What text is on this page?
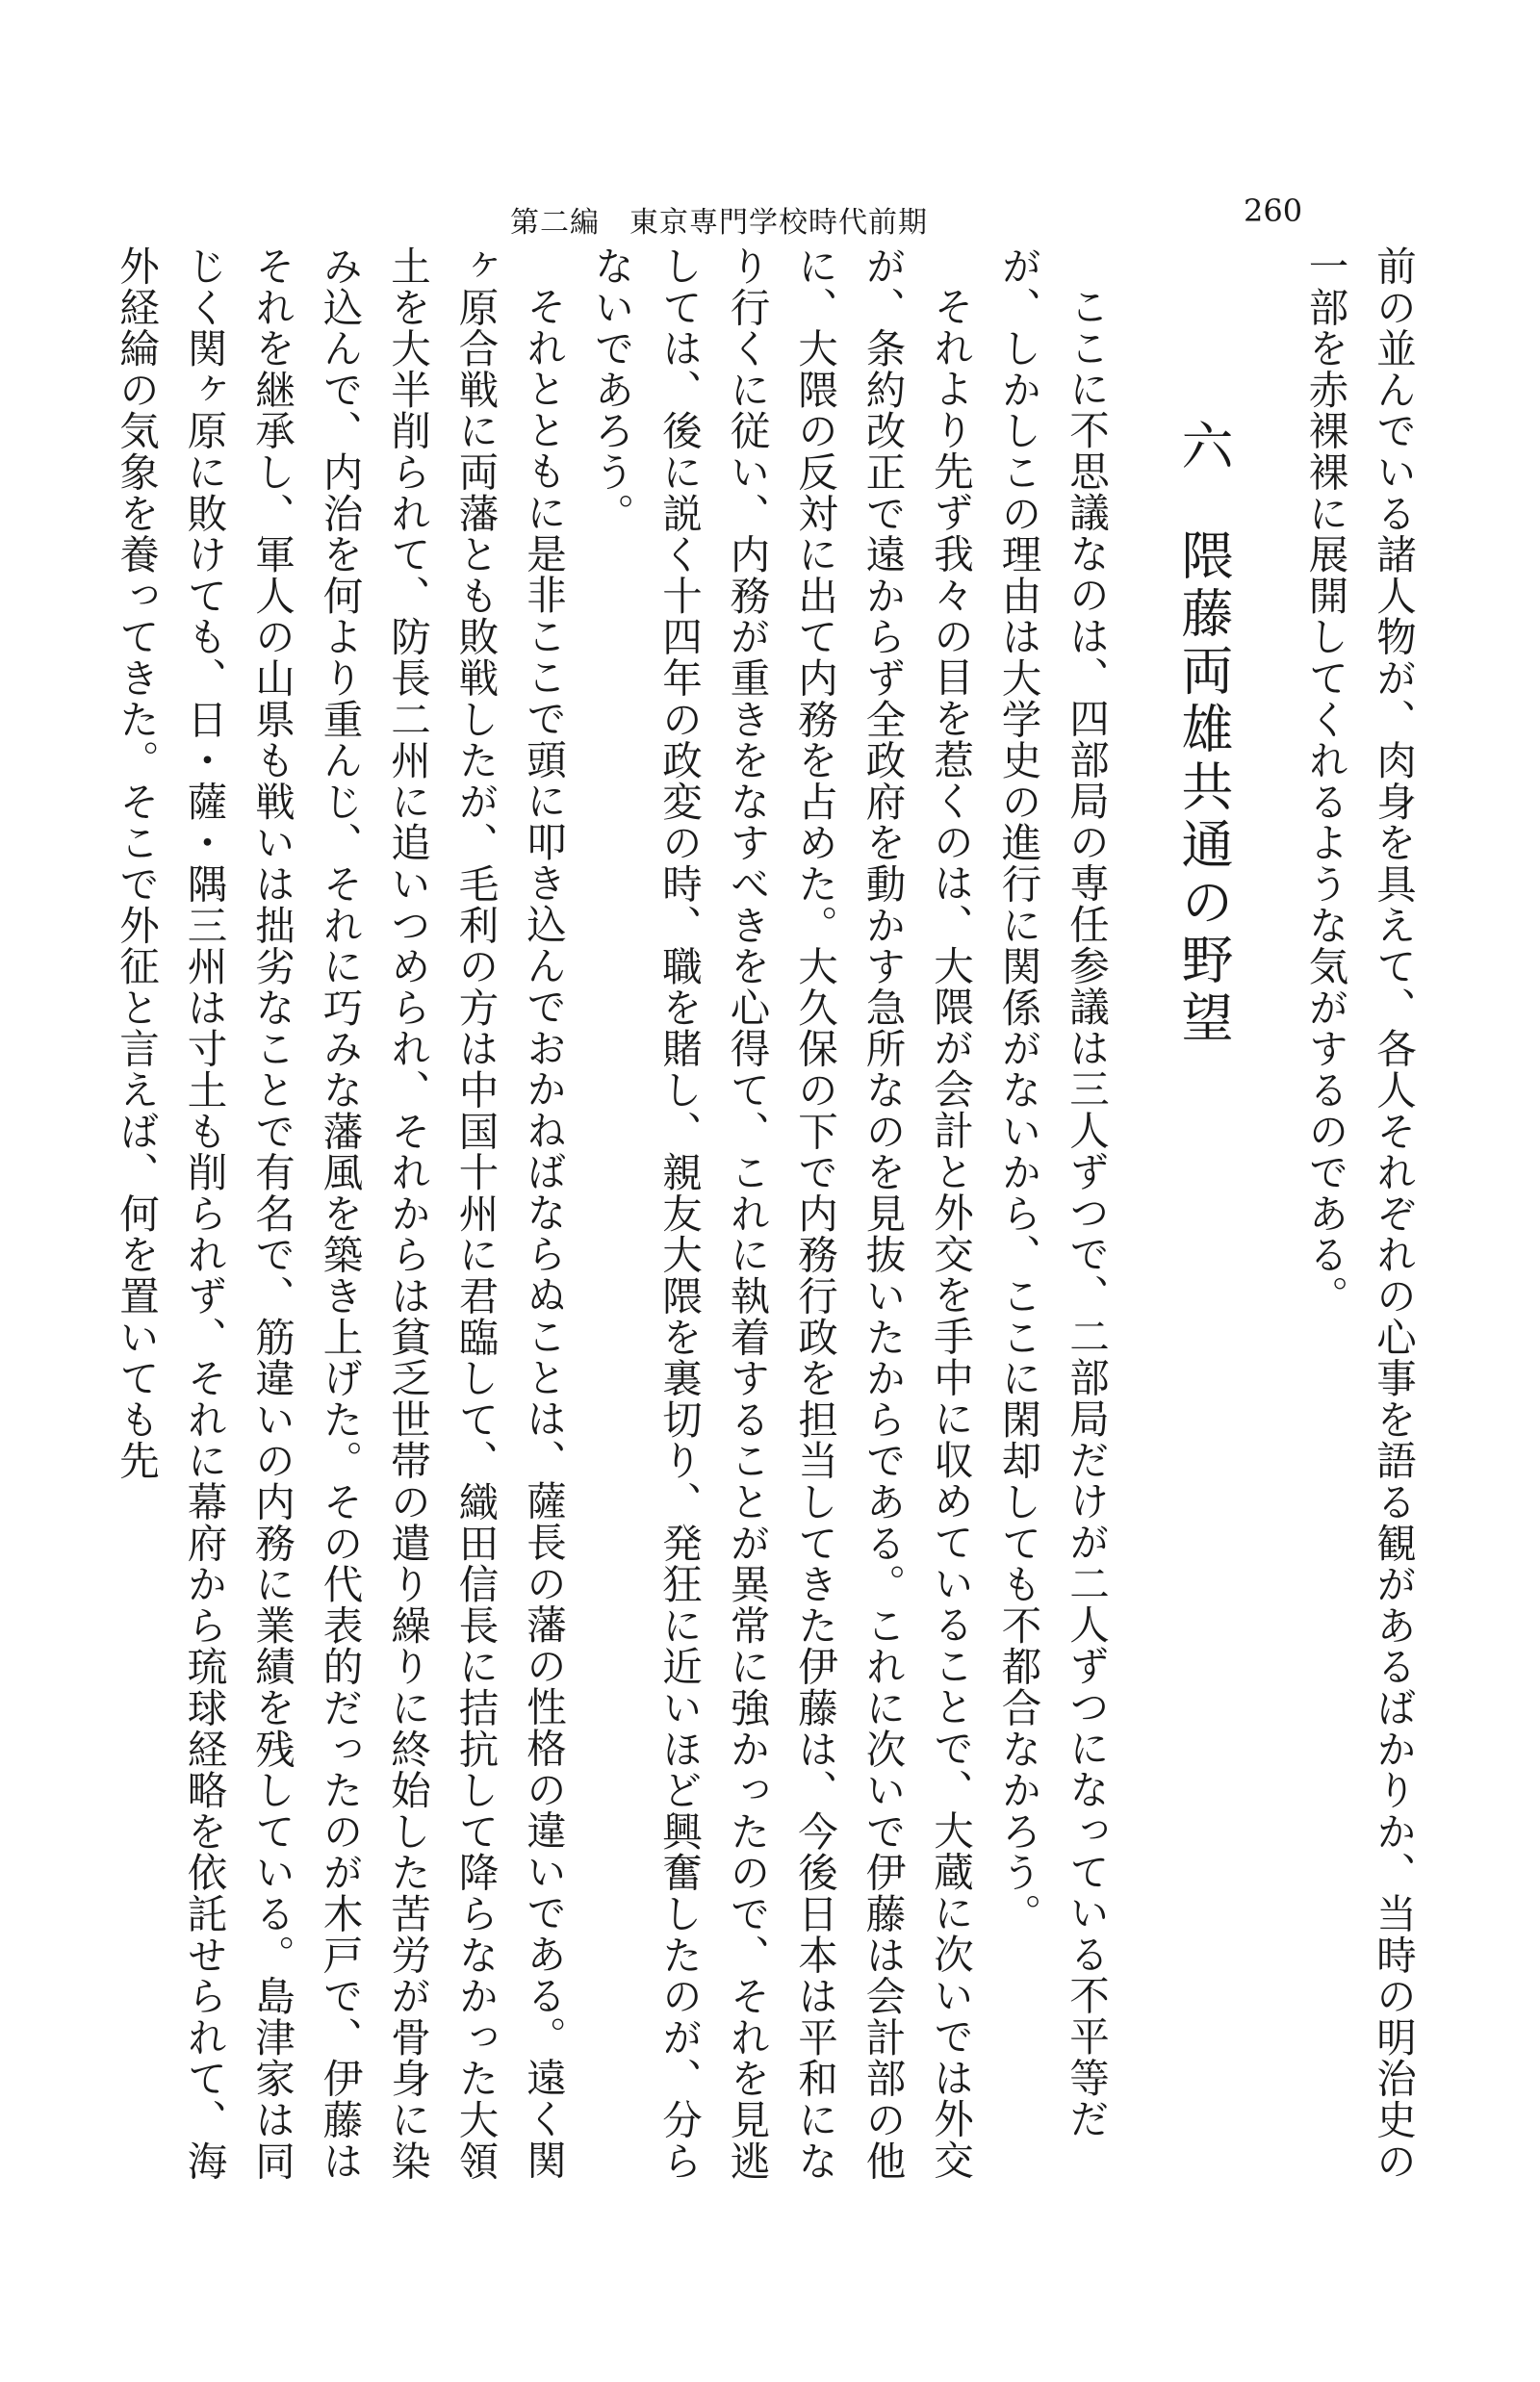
第二編　東京専門学校時代前期	260

前の並んでいる諸人物が、肉身を具えて、各人それぞれの心事を語る観があるばかりか、当時の明治史の一部を赤裸裸に展開してくれるような気がするのである。

六隈藤両雄共通の野望

ここに不思議なのは、四部局の専任参議は三人ずつで、二部局だけが二人ずつになっている不平等だが、しかしこの理由は大学史の進行に関係がないから、ここに閑却しても不都合なかろう。

それより先ず我々の目を惹くのは、大隈が会計と外交を手中に収めていることで、大蔵に次いでは外交が、条約改正で遠からず全政府を動かす急所なのを見抜いたからである。これに次いで伊藤は会計部の他に、大隈の反対に出て内務を占めた。大久保の下で内務行政を担当してきた伊藤は、今後日本は平和になり行くに従い、内務が重きをなすべきを心得て、これに執着することが異常に強かったので、それを見逃しては、後に説く十四年の政変の時、職を賭し、親友大隈を裏切り、発狂に近いほど興奮したのが、分らないであろう。

それとともに是非ここで頭に叩き込んでおかねばならぬことは、薩長の藩の性格の違いである。遠く関ヶ原合戦に両藩とも敗戦したが、毛利の方は中国十州に君臨して、織田信長に拮抗して降らなかった大領土を大半削られて、防長二州に追いつめられ、それからは貧乏世帯の遣り繰りに終始した苦労が骨身に染み込んで、内治を何より重んじ、それに巧みな藩風を築き上げた。その代表的だったのが木戸で、伊藤はそれを継承し、軍人の山県も戦いは拙劣なことで有名で、筋違いの内務に業績を残している。島津家は同じく関ヶ原に敗けても、日・薩・隅三州は寸土も削られず、それに幕府から琉球経略を依託せられて、海外経綸の気象を養ってきた。そこで外征と言えば、何を置いても先
